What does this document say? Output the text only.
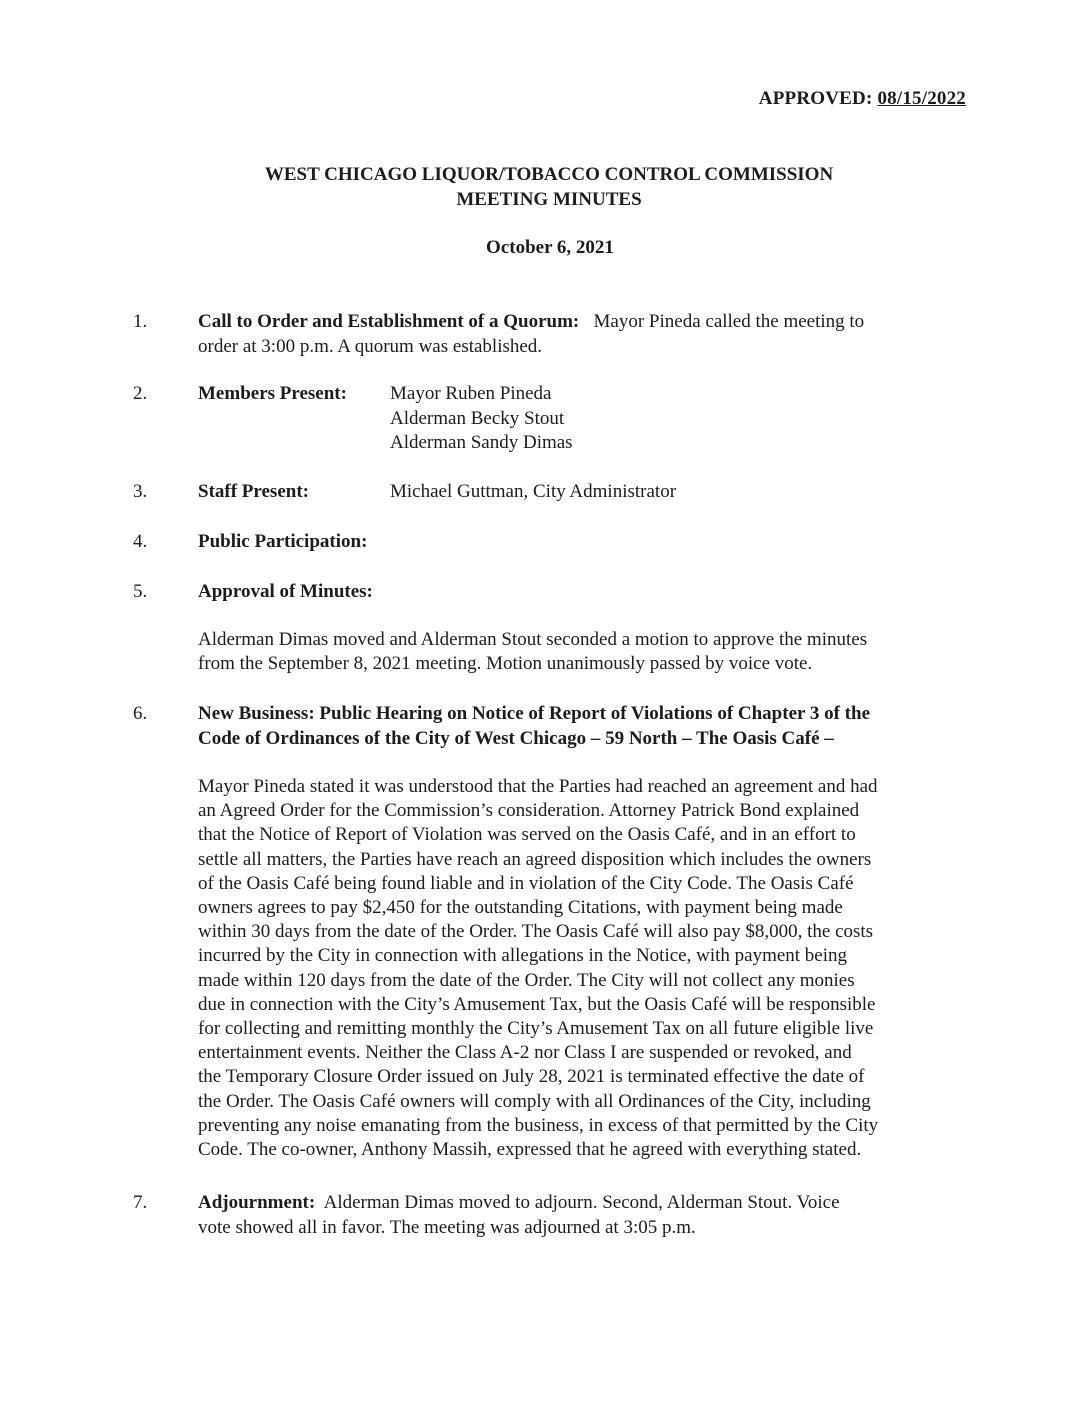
APPROVED: 08/15/2022
WEST CHICAGO LIQUOR/TOBACCO CONTROL COMMISSION
MEETING MINUTES
October 6, 2021
1.	Call to Order and Establishment of a Quorum: Mayor Pineda called the meeting to
order at 3:00 p.m. A quorum was established.
2.	Members Present:	Mayor Ruben Pineda
Alderman Becky Stout
Alderman Sandy Dimas
3.	Staff Present:	Michael Guttman, City Administrator
4.	Public Participation:
5.	Approval of Minutes:
Alderman Dimas moved and Alderman Stout seconded a motion to approve the minutes
from the September 8, 2021 meeting. Motion unanimously passed by voice vote.
6.	New Business: Public Hearing on Notice of Report of Violations of Chapter 3 of the
Code of Ordinances of the City of West Chicago – 59 North – The Oasis Café –
Mayor Pineda stated it was understood that the Parties had reached an agreement and had
an Agreed Order for the Commission’s consideration. Attorney Patrick Bond explained
that the Notice of Report of Violation was served on the Oasis Café, and in an effort to
settle all matters, the Parties have reach an agreed disposition which includes the owners
of the Oasis Café being found liable and in violation of the City Code. The Oasis Café
owners agrees to pay $2,450 for the outstanding Citations, with payment being made
within 30 days from the date of the Order. The Oasis Café will also pay $8,000, the costs
incurred by the City in connection with allegations in the Notice, with payment being
made within 120 days from the date of the Order. The City will not collect any monies
due in connection with the City’s Amusement Tax, but the Oasis Café will be responsible
for collecting and remitting monthly the City’s Amusement Tax on all future eligible live
entertainment events. Neither the Class A-2 nor Class I are suspended or revoked, and
the Temporary Closure Order issued on July 28, 2021 is terminated effective the date of
the Order. The Oasis Café owners will comply with all Ordinances of the City, including
preventing any noise emanating from the business, in excess of that permitted by the City
Code. The co-owner, Anthony Massih, expressed that he agreed with everything stated.
7.	Adjournment: Alderman Dimas moved to adjourn. Second, Alderman Stout. Voice
vote showed all in favor. The meeting was adjourned at 3:05 p.m.
